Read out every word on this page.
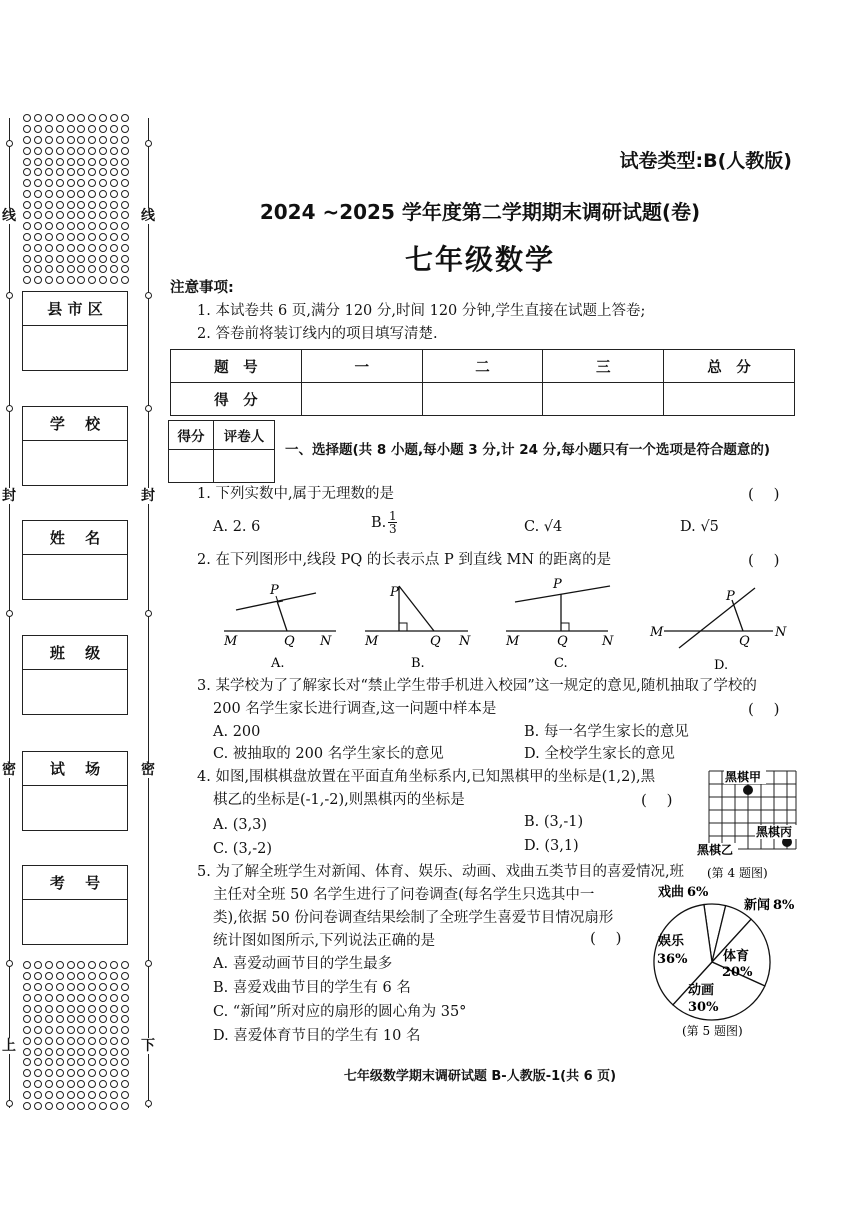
线
封
密
上
线
封
密
下
县 市 区
学　 校
姓　 名
班　 级
试　 场
考　 号
试卷类型:B(人教版)
2024 ~2025 学年度第二学期期末调研试题(卷)
七年级数学
注意事项:
1. 本试卷共 6 页,满分 120 分,时间 120 分钟,学生直接在试题上答卷;
2. 答卷前将装订线内的项目填写清楚.
题　号	一	二	三	总　分
得　分				
得分	评卷人

一、选择题(共 8 小题,每小题 3 分,计 24 分,每小题只有一个选项是符合题意的)
1. 下列实数中,属于无理数的是	(　 )
A. 2. 6	B. $\frac{1}{3}$	C. √4	D. √5
2. 在下列图形中,线段 PQ 的长表示点 P 到直线 MN 的距离的是	(　 )
P
Q
M	N
A.
P
Q
M	N
B.
P
Q
M	N
C.
P
Q
M	N
D.
3. 某学校为了了解家长对“禁止学生带手机进入校园”这一规定的意见,随机抽取了学校的
200 名学生家长进行调查,这一问题中样本是	(　 )
A. 200	B. 每一名学生家长的意见
C. 被抽取的 200 名学生家长的意见	D. 全校学生家长的意见
4. 如图,围棋棋盘放置在平面直角坐标系内,已知黑棋甲的坐标是(1,2),黑
棋乙的坐标是(-1,-2),则黑棋丙的坐标是	(　 )
A. (3,3)	B. (3,-1)
C. (3,-2)	D. (3,1)
黑棋甲
黑棋丙
黑棋乙
(第 4 题图)
5. 为了解全班学生对新闻、体育、娱乐、动画、戏曲五类节目的喜爱情况,班
主任对全班 50 名学生进行了问卷调查(每名学生只选其中一
类),依据 50 份问卷调查结果绘制了全班学生喜爱节目情况扇形
统计图如图所示,下列说法正确的是	(　 )
A. 喜爱动画节目的学生最多
B. 喜爱戏曲节目的学生有 6 名
C. “新闻”所对应的扇形的圆心角为 35°
D. 喜爱体育节目的学生有 10 名
戏曲 6%
新闻 8%
体育
20%
动画
30%
娱乐
36%
(第 5 题图)
七年级数学期末调研试题 B-人教版-1(共 6 页)
